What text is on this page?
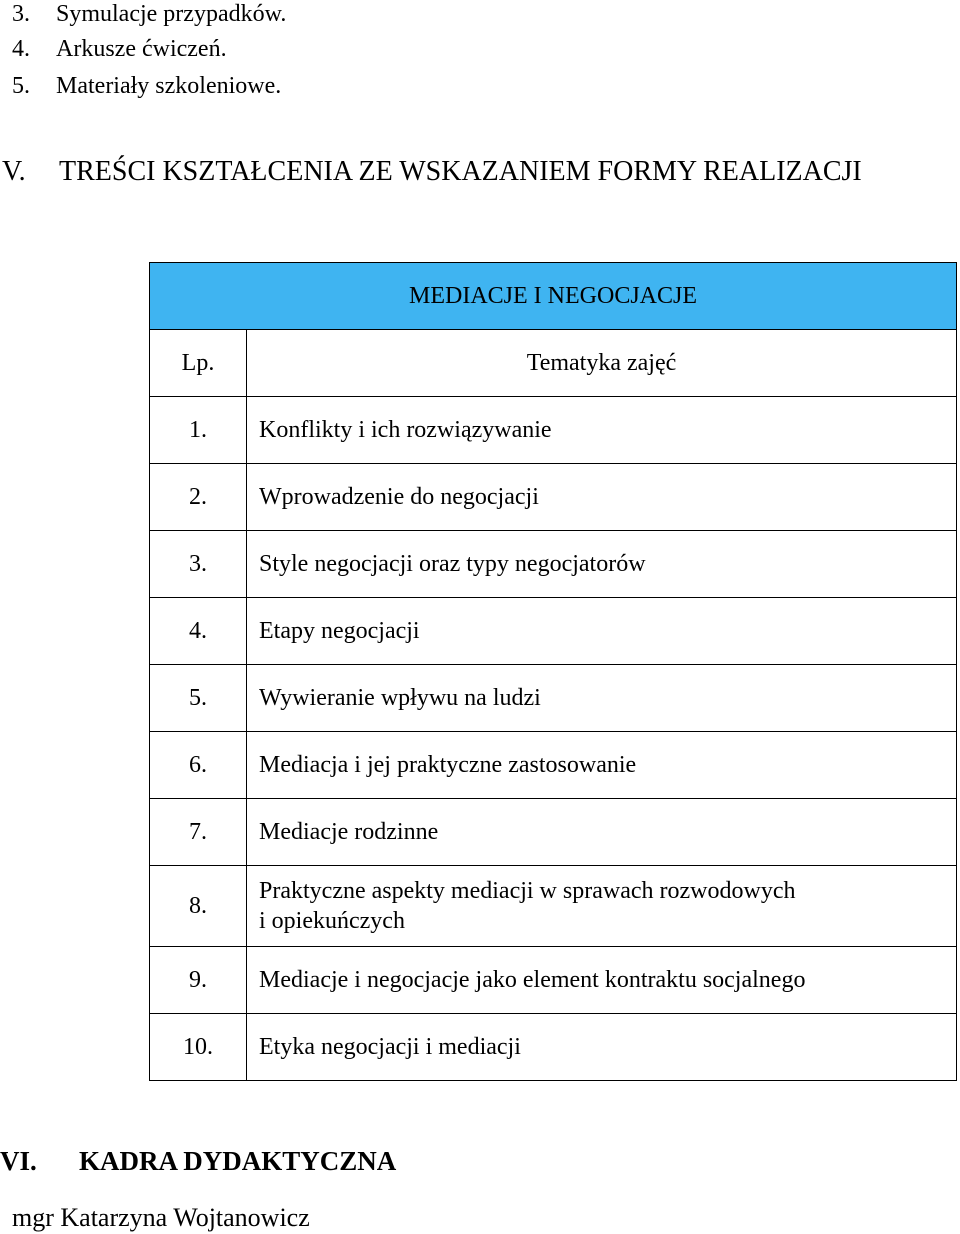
3. Symulacje przypadków.
4. Arkusze ćwiczeń.
5. Materiały szkoleniowe.
V. TREŚCI KSZTAŁCENIA ZE WSKAZANIEM FORMY REALIZACJI
MEDIACJE I NEGOCJACJE	
Lp.	Tematyka zajęć
1.	Konflikty i ich rozwiązywanie
2.	Wprowadzenie do negocjacji
3.	Style negocjacji oraz typy negocjatorów
4.	Etapy negocjacji
5.	Wywieranie wpływu na ludzi
6.	Mediacja i jej praktyczne zastosowanie
7.	Mediacje rodzinne
8.	Praktyczne aspekty mediacji w sprawach rozwodowych
i opiekuńczych

9.	Mediacje i negocjacje jako element kontraktu socjalnego
10.	Etyka negocjacji i mediacji
VI. KADRA DYDAKTYCZNA
mgr Katarzyna Wojtanowicz
